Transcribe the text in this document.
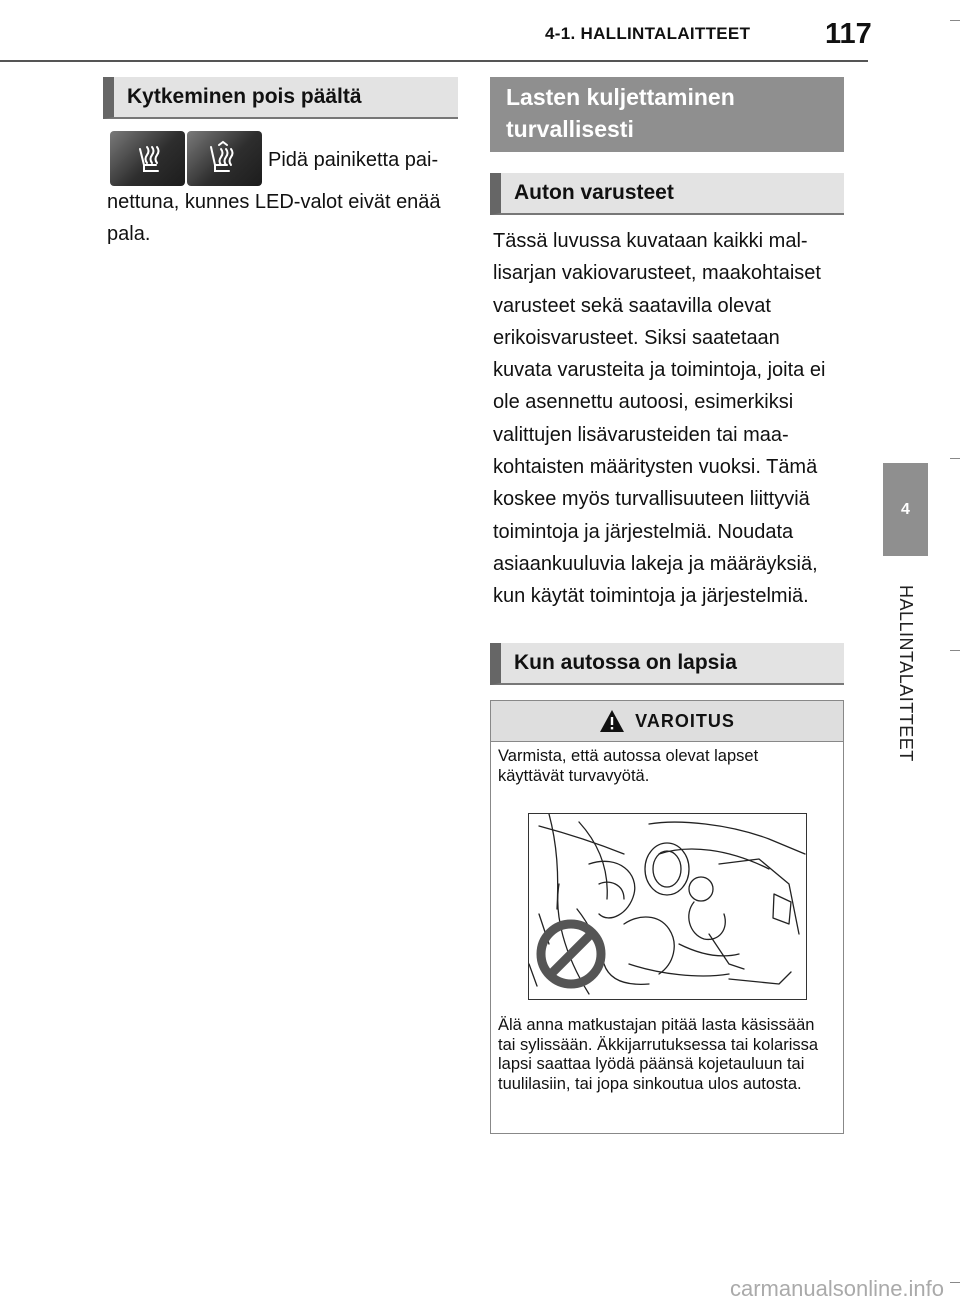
4-1. HALLINTALAITTEET	117
4
HALLINTALAITTEET
Kytkeminen pois päältä
Pidä painiketta pai-
nettuna, kunnes LED-valot eivät enää pala.
Lasten kuljettaminen turvallisesti
Auton varusteet
Tässä luvussa kuvataan kaikki mallisarjan vakiovarusteet, maakohtaiset varusteet sekä saatavilla olevat erikoisvarusteet. Siksi saatetaan kuvata varusteita ja toimintoja, joita ei ole asennettu autoosi, esimerkiksi valittujen lisävarusteiden tai maakohtaisten määritysten vuoksi. Tämä koskee myös turvallisuuteen liittyviä toimintoja ja järjestelmiä. Noudata asiaankuuluvia lakeja ja määräyksiä, kun käytät toimintoja ja järjestelmiä.
Kun autossa on lapsia
VAROITUS
Varmista, että autossa olevat lapset käyttävät turvavyötä.
Älä anna matkustajan pitää lasta käsissään tai sylissään. Äkkijarrutuksessa tai kolarissa lapsi saattaa lyödä päänsä kojetauluun tai tuulilasiin, tai jopa sinkoutua ulos autosta.
carmanualsonline.info
